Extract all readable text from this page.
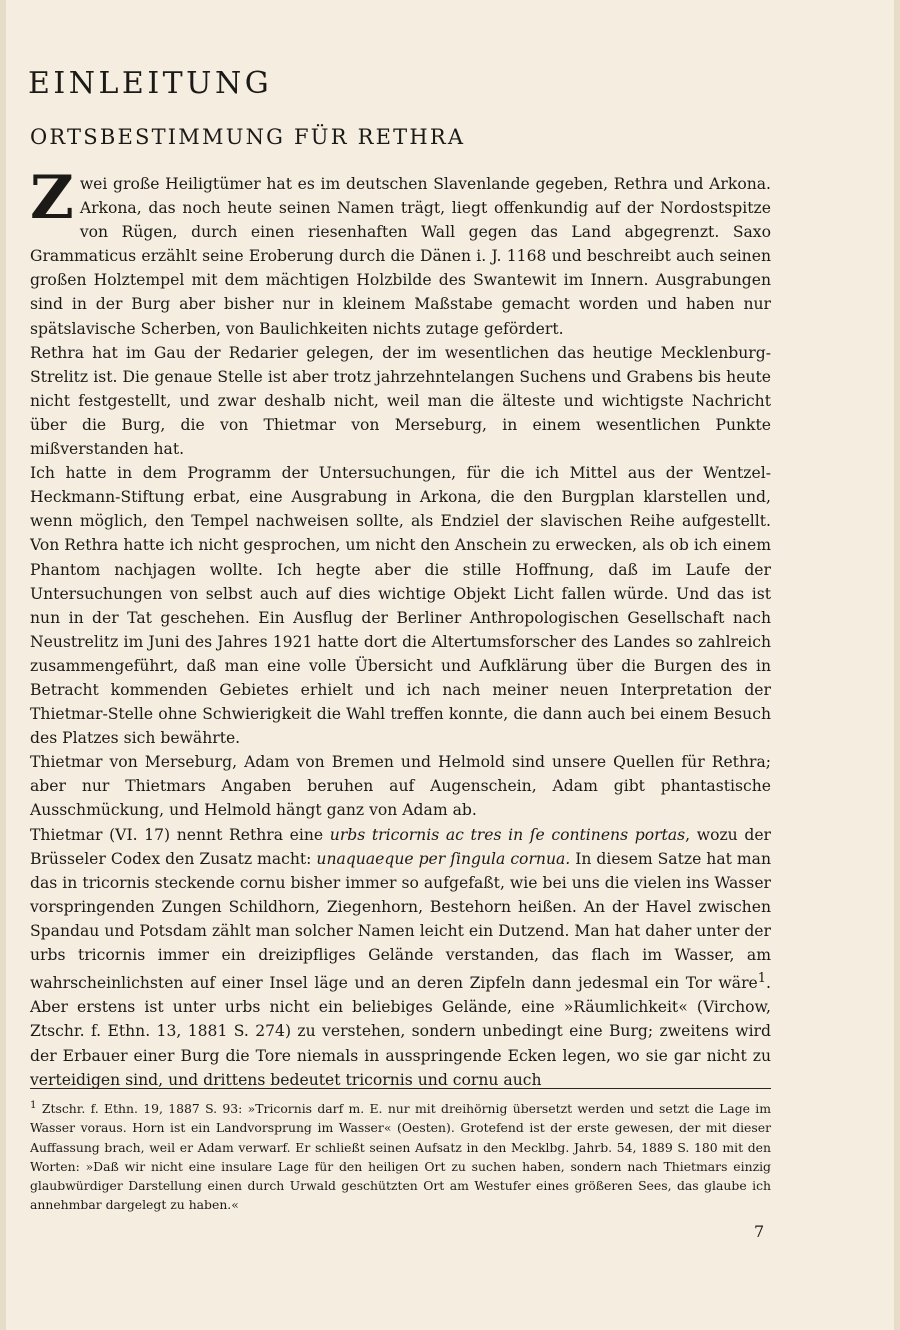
EINLEITUNG
ORTSBESTIMMUNG FÜR RETHRA

Zwei große Heiligtümer hat es im deutschen Slavenlande gegeben, Rethra und Arkona. Arkona, das noch heute seinen Namen trägt, liegt offenkundig auf der Nordostspitze von Rügen, durch einen riesenhaften Wall gegen das Land abgegrenzt. Saxo Grammaticus erzählt seine Eroberung durch die Dänen i. J. 1168 und beschreibt auch seinen großen Holztempel mit dem mächtigen Holzbilde des Swantewit im Innern. Ausgrabungen sind in der Burg aber bisher nur in kleinem Maßstabe gemacht worden und haben nur spätslavische Scherben, von Baulichkeiten nichts zutage gefördert.

Rethra hat im Gau der Redarier gelegen, der im wesentlichen das heutige Mecklenburg-Strelitz ist. Die genaue Stelle ist aber trotz jahrzehntelangen Suchens und Grabens bis heute nicht festgestellt, und zwar deshalb nicht, weil man die älteste und wichtigste Nachricht über die Burg, die von Thietmar von Merseburg, in einem wesentlichen Punkte mißverstanden hat.

Ich hatte in dem Programm der Untersuchungen, für die ich Mittel aus der Wentzel-Heckmann-Stiftung erbat, eine Ausgrabung in Arkona, die den Burgplan klarstellen und, wenn möglich, den Tempel nachweisen sollte, als Endziel der slavischen Reihe aufgestellt. Von Rethra hatte ich nicht gesprochen, um nicht den Anschein zu erwecken, als ob ich einem Phantom nachjagen wollte. Ich hegte aber die stille Hoffnung, daß im Laufe der Untersuchungen von selbst auch auf dies wichtige Objekt Licht fallen würde. Und das ist nun in der Tat geschehen. Ein Ausflug der Berliner Anthropologischen Gesellschaft nach Neustrelitz im Juni des Jahres 1921 hatte dort die Altertumsforscher des Landes so zahlreich zusammengeführt, daß man eine volle Übersicht und Aufklärung über die Burgen des in Betracht kommenden Gebietes erhielt und ich nach meiner neuen Interpretation der Thietmar-Stelle ohne Schwierigkeit die Wahl treffen konnte, die dann auch bei einem Besuch des Platzes sich bewährte.

Thietmar von Merseburg, Adam von Bremen und Helmold sind unsere Quellen für Rethra; aber nur Thietmars Angaben beruhen auf Augenschein, Adam gibt phantastische Ausschmückung, und Helmold hängt ganz von Adam ab.

Thietmar (VI. 17) nennt Rethra eine urbs tricornis ac tres in ſe continens portas, wozu der Brüsseler Codex den Zusatz macht: unaquaeque per ſingula cornua. In diesem Satze hat man das in tricornis steckende cornu bisher immer so aufgefaßt, wie bei uns die vielen ins Wasser vorspringenden Zungen Schildhorn, Ziegenhorn, Bestehorn heißen. An der Havel zwischen Spandau und Potsdam zählt man solcher Namen leicht ein Dutzend. Man hat daher unter der urbs tricornis immer ein dreizipfliges Gelände verstanden, das flach im Wasser, am wahrscheinlichsten auf einer Insel läge und an deren Zipfeln dann jedesmal ein Tor wäre$^1$. Aber erstens ist unter urbs nicht ein beliebiges Gelände, eine »Räumlichkeit« (Virchow, Ztschr. f. Ethn. 13, 1881 S. 274) zu verstehen, sondern unbedingt eine Burg; zweitens wird der Erbauer einer Burg die Tore niemals in ausspringende Ecken legen, wo sie gar nicht zu verteidigen sind, und drittens bedeutet tricornis und cornu auch

$^1$ Ztschr. f. Ethn. 19, 1887 S. 93: »Tricornis darf m. E. nur mit dreihörnig übersetzt werden und setzt die Lage im Wasser voraus. Horn ist ein Landvorsprung im Wasser« (Oesten). Grotefend ist der erste gewesen, der mit dieser Auffassung brach, weil er Adam verwarf. Er schließt seinen Aufsatz in den Mecklbg. Jahrb. 54, 1889 S. 180 mit den Worten: »Daß wir nicht eine insulare Lage für den heiligen Ort zu suchen haben, sondern nach Thietmars einzig glaubwürdiger Darstellung einen durch Urwald geschützten Ort am Westufer eines größeren Sees, das glaube ich annehmbar dargelegt zu haben.«
7
